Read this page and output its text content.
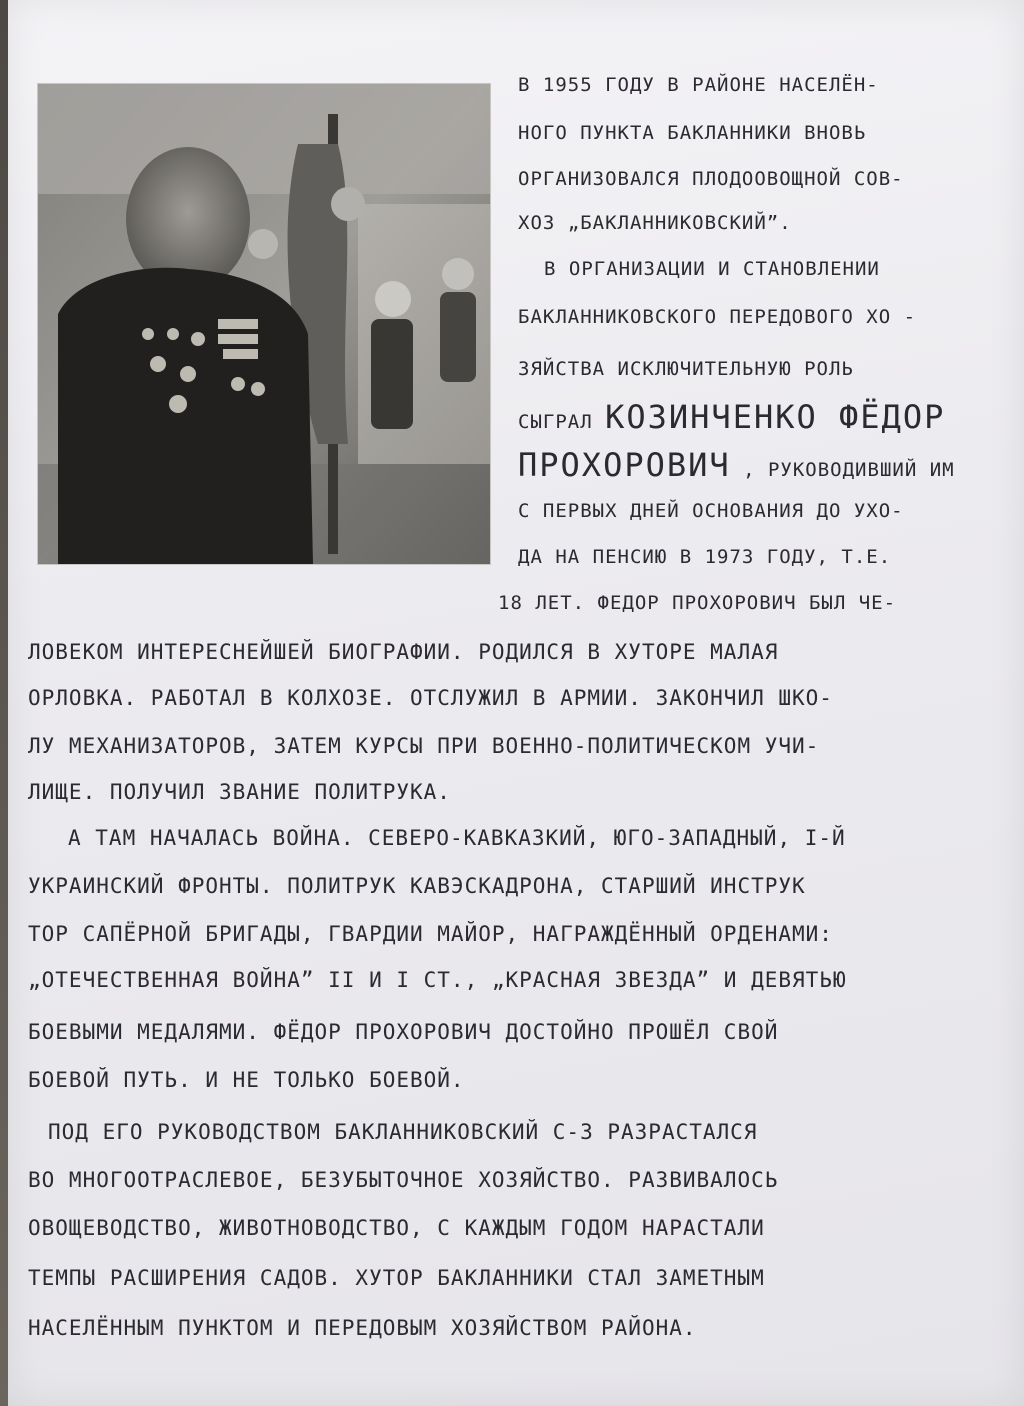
В 1955 ГОДУ В РАЙОНЕ НАСЕЛЁН-
НОГО ПУНКТА БАКЛАННИКИ ВНОВЬ
ОРГАНИЗОВАЛСЯ ПЛОДООВОЩНОЙ СОВ-
ХОЗ „БАКЛАННИКОВСКИЙ”.
В ОРГАНИЗАЦИИ И СТАНОВЛЕНИИ
БАКЛАННИКОВСКОГО ПЕРЕДОВОГО ХО -
ЗЯЙСТВА ИСКЛЮЧИТЕЛЬНУЮ РОЛЬ
СЫГРАЛ КОЗИНЧЕНКО ФЁДОР
ПРОХОРОВИЧ , РУКОВОДИВШИЙ ИМ
С ПЕРВЫХ ДНЕЙ ОСНОВАНИЯ ДО УХО-
ДА НА ПЕНСИЮ В 1973 ГОДУ, Т.Е.
18 ЛЕТ. ФЕДОР ПРОХОРОВИЧ БЫЛ ЧЕ-
ЛОВЕКОМ ИНТЕРЕСНЕЙШЕЙ БИОГРАФИИ. РОДИЛСЯ В ХУТОРЕ МАЛАЯ
ОРЛОВКА. РАБОТАЛ В КОЛХОЗЕ. ОТСЛУЖИЛ В АРМИИ. ЗАКОНЧИЛ ШКО-
ЛУ МЕХАНИЗАТОРОВ, ЗАТЕМ КУРСЫ ПРИ ВОЕННО-ПОЛИТИЧЕСКОМ УЧИ-
ЛИЩЕ. ПОЛУЧИЛ ЗВАНИЕ ПОЛИТРУКА.
А ТАМ НАЧАЛАСЬ ВОЙНА. СЕВЕРО-КАВКАЗКИЙ, ЮГО-ЗАПАДНЫЙ, I-Й
УКРАИНСКИЙ ФРОНТЫ. ПОЛИТРУК КАВЭСКАДРОНА, СТАРШИЙ ИНСТРУК
ТОР САПЁРНОЙ БРИГАДЫ, ГВАРДИИ МАЙОР, НАГРАЖДЁННЫЙ ОРДЕНАМИ:
„ОТЕЧЕСТВЕННАЯ ВОЙНА” II И I СТ., „КРАСНАЯ ЗВЕЗДА” И ДЕВЯТЬЮ
БОЕВЫМИ МЕДАЛЯМИ. ФЁДОР ПРОХОРОВИЧ ДОСТОЙНО ПРОШЁЛ СВОЙ
БОЕВОЙ ПУТЬ. И НЕ ТОЛЬКО БОЕВОЙ.
ПОД ЕГО РУКОВОДСТВОМ БАКЛАННИКОВСКИЙ С-З РАЗРАСТАЛСЯ
ВО МНОГООТРАСЛЕВОЕ, БЕЗУБЫТОЧНОЕ ХОЗЯЙСТВО. РАЗВИВАЛОСЬ
ОВОЩЕВОДСТВО, ЖИВОТНОВОДСТВО, С КАЖДЫМ ГОДОМ НАРАСТАЛИ
ТЕМПЫ РАСШИРЕНИЯ САДОВ. ХУТОР БАКЛАННИКИ СТАЛ ЗАМЕТНЫМ
НАСЕЛЁННЫМ ПУНКТОМ И ПЕРЕДОВЫМ ХОЗЯЙСТВОМ РАЙОНА.
